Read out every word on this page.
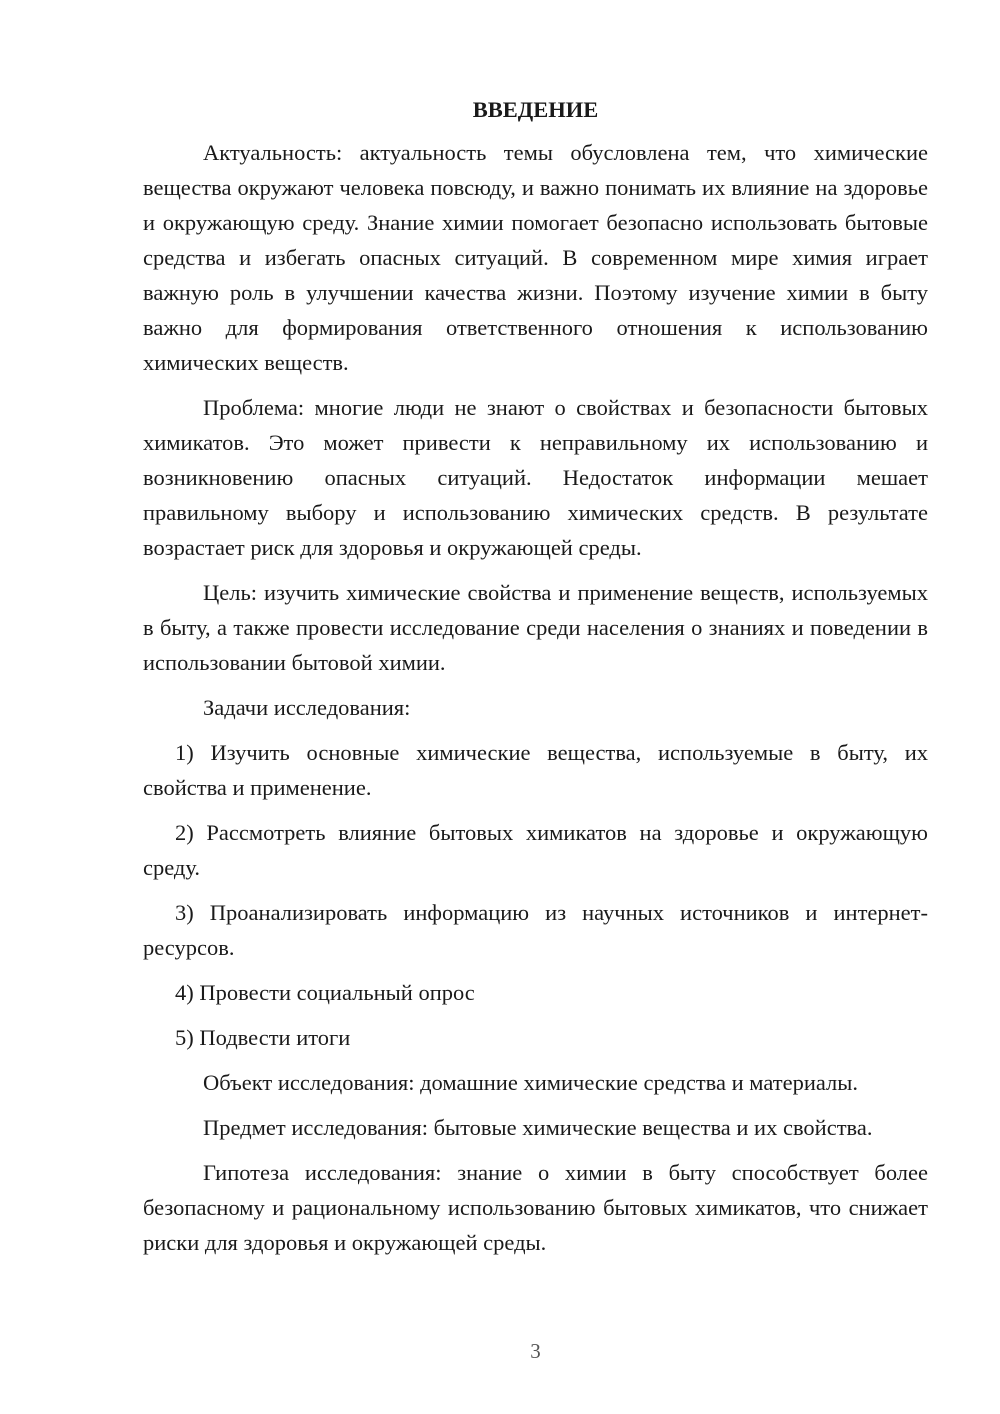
ВВЕДЕНИЕ

Актуальность: актуальность темы обусловлена тем, что химические вещества окружают человека повсюду, и важно понимать их влияние на здоровье и окружающую среду. Знание химии помогает безопасно использовать бытовые средства и избегать опасных ситуаций. В современном мире химия играет важную роль в улучшении качества жизни. Поэтому изучение химии в быту важно для формирования ответственного отношения к использованию химических веществ.

Проблема: многие люди не знают о свойствах и безопасности бытовых химикатов. Это может привести к неправильному их использованию и возникновению опасных ситуаций. Недостаток информации мешает правильному выбору и использованию химических средств. В результате возрастает риск для здоровья и окружающей среды.

Цель: изучить химические свойства и применение веществ, используемых в быту, а также провести исследование среди населения о знаниях и поведении в использовании бытовой химии.

Задачи исследования:

1) Изучить основные химические вещества, используемые в быту, их свойства и применение.

2) Рассмотреть влияние бытовых химикатов на здоровье и окружающую среду.

3) Проанализировать информацию из научных источников и интернет-ресурсов.

4) Провести социальный опрос

5) Подвести итоги

Объект исследования: домашние химические средства и материалы.

Предмет исследования: бытовые химические вещества и их свойства.

Гипотеза исследования: знание о химии в быту способствует более безопасному и рациональному использованию бытовых химикатов, что снижает риски для здоровья и окружающей среды.

3
